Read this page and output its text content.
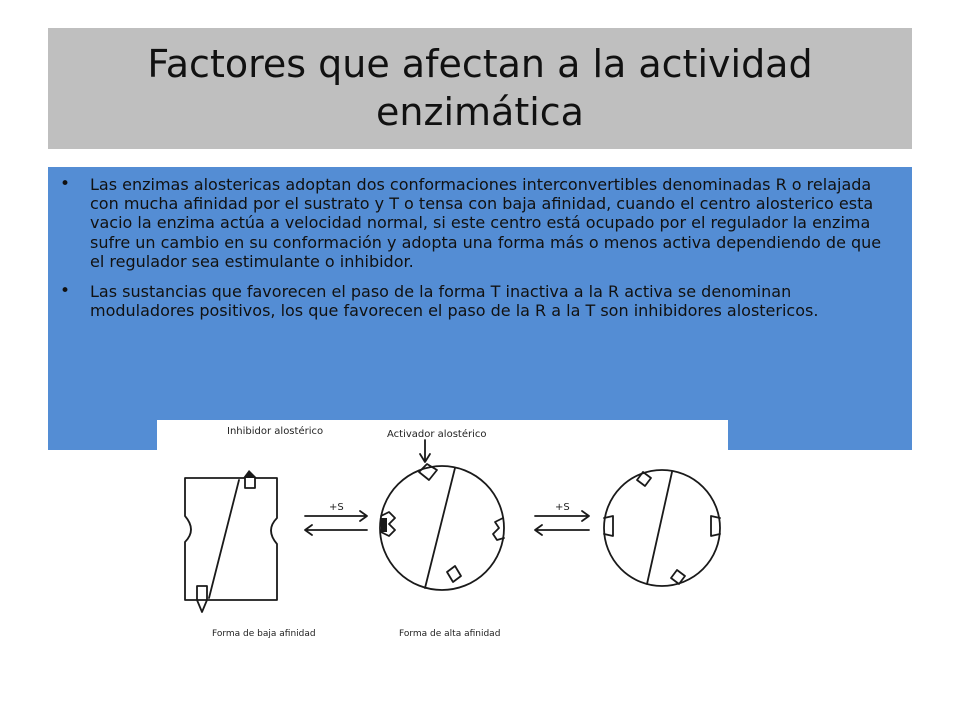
Factores que afectan a la actividad enzimática
• Las enzimas alostericas adoptan dos conformaciones interconvertibles denominadas R o relajada con mucha afinidad por el sustrato y T o tensa con baja afinidad, cuando el centro alosterico esta vacio la enzima actúa a velocidad normal, si este centro está ocupado por el regulador la enzima sufre un cambio en su conformación y adopta una forma más o menos activa dependiendo de que el regulador sea estimulante o inhibidor.
• Las sustancias que favorecen el paso de la forma T inactiva a la R activa se denominan moduladores positivos, los que favorecen el paso de la R a la T son inhibidores alostericos.
Inhibidor alostérico	Activador alostérico
+S	+S
Forma de baja afinidad	Forma de alta afinidad
